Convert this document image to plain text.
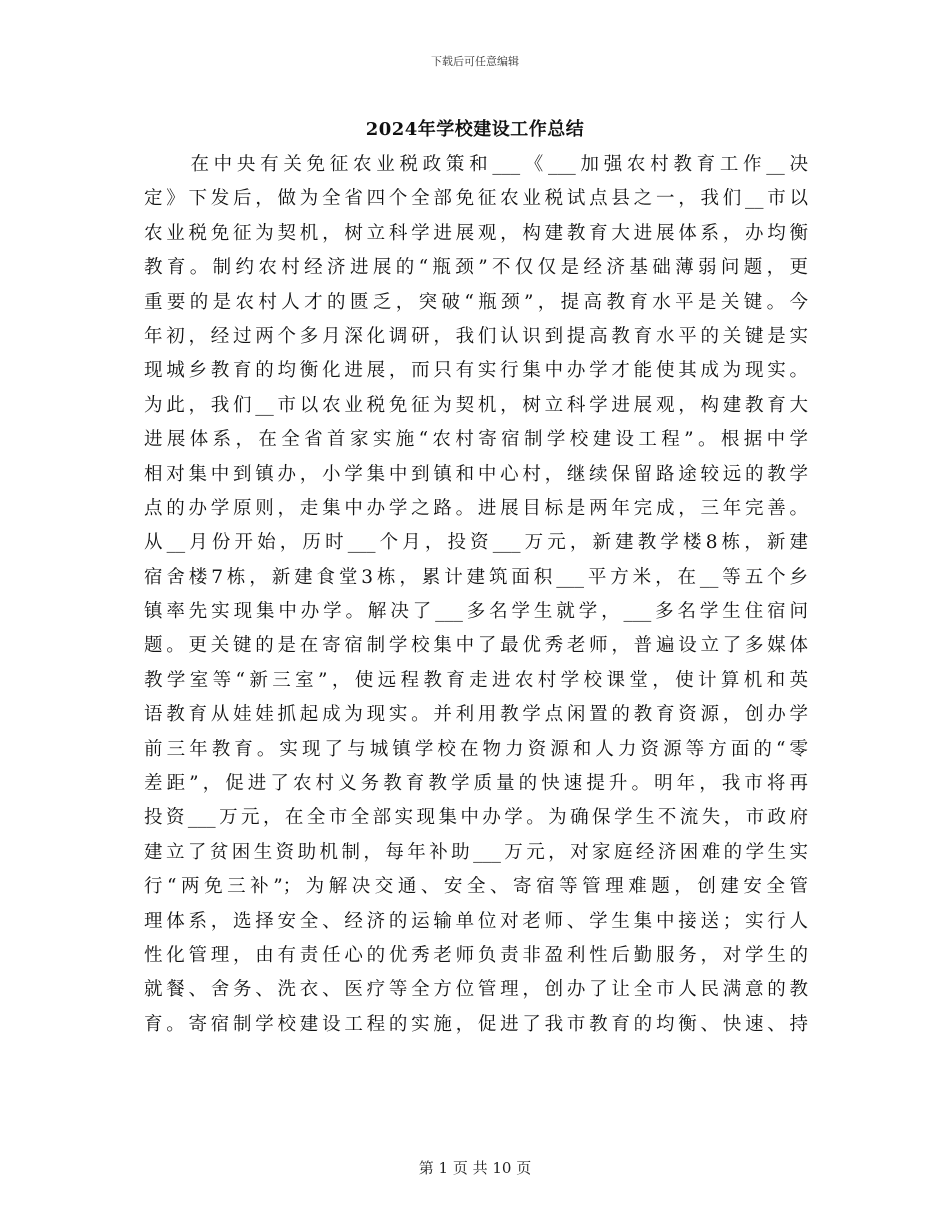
下载后可任意编辑
2024年学校建设工作总结
　　在中央有关免征农业税政策和___《___加强农村教育工作__决
定》下发后，做为全省四个全部免征农业税试点县之一，我们__市以
农业税免征为契机，树立科学进展观，构建教育大进展体系，办均衡
教育。制约农村经济进展的“瓶颈”不仅仅是经济基础薄弱问题，更
重要的是农村人才的匮乏，突破“瓶颈”，提高教育水平是关键。今
年初，经过两个多月深化调研，我们认识到提高教育水平的关键是实
现城乡教育的均衡化进展，而只有实行集中办学才能使其成为现实。
为此，我们__市以农业税免征为契机，树立科学进展观，构建教育大
进展体系，在全省首家实施“农村寄宿制学校建设工程”。根据中学
相对集中到镇办，小学集中到镇和中心村，继续保留路途较远的教学
点的办学原则，走集中办学之路。进展目标是两年完成，三年完善。
从__月份开始，历时___个月，投资___万元，新建教学楼8栋，新建
宿舍楼7栋，新建食堂3栋，累计建筑面积___平方米，在__等五个乡
镇率先实现集中办学。解决了___多名学生就学，___多名学生住宿问
题。更关键的是在寄宿制学校集中了最优秀老师，普遍设立了多媒体
教学室等“新三室”，使远程教育走进农村学校课堂，使计算机和英
语教育从娃娃抓起成为现实。并利用教学点闲置的教育资源，创办学
前三年教育。实现了与城镇学校在物力资源和人力资源等方面的“零
差距”，促进了农村义务教育教学质量的快速提升。明年，我市将再
投资___万元，在全市全部实现集中办学。为确保学生不流失，市政府
建立了贫困生资助机制，每年补助___万元，对家庭经济困难的学生实
行“两免三补”；为解决交通、安全、寄宿等管理难题，创建安全管
理体系，选择安全、经济的运输单位对老师、学生集中接送；实行人
性化管理，由有责任心的优秀老师负责非盈利性后勤服务，对学生的
就餐、舍务、洗衣、医疗等全方位管理，创办了让全市人民满意的教
育。寄宿制学校建设工程的实施，促进了我市教育的均衡、快速、持
第 1 页 共 10 页
